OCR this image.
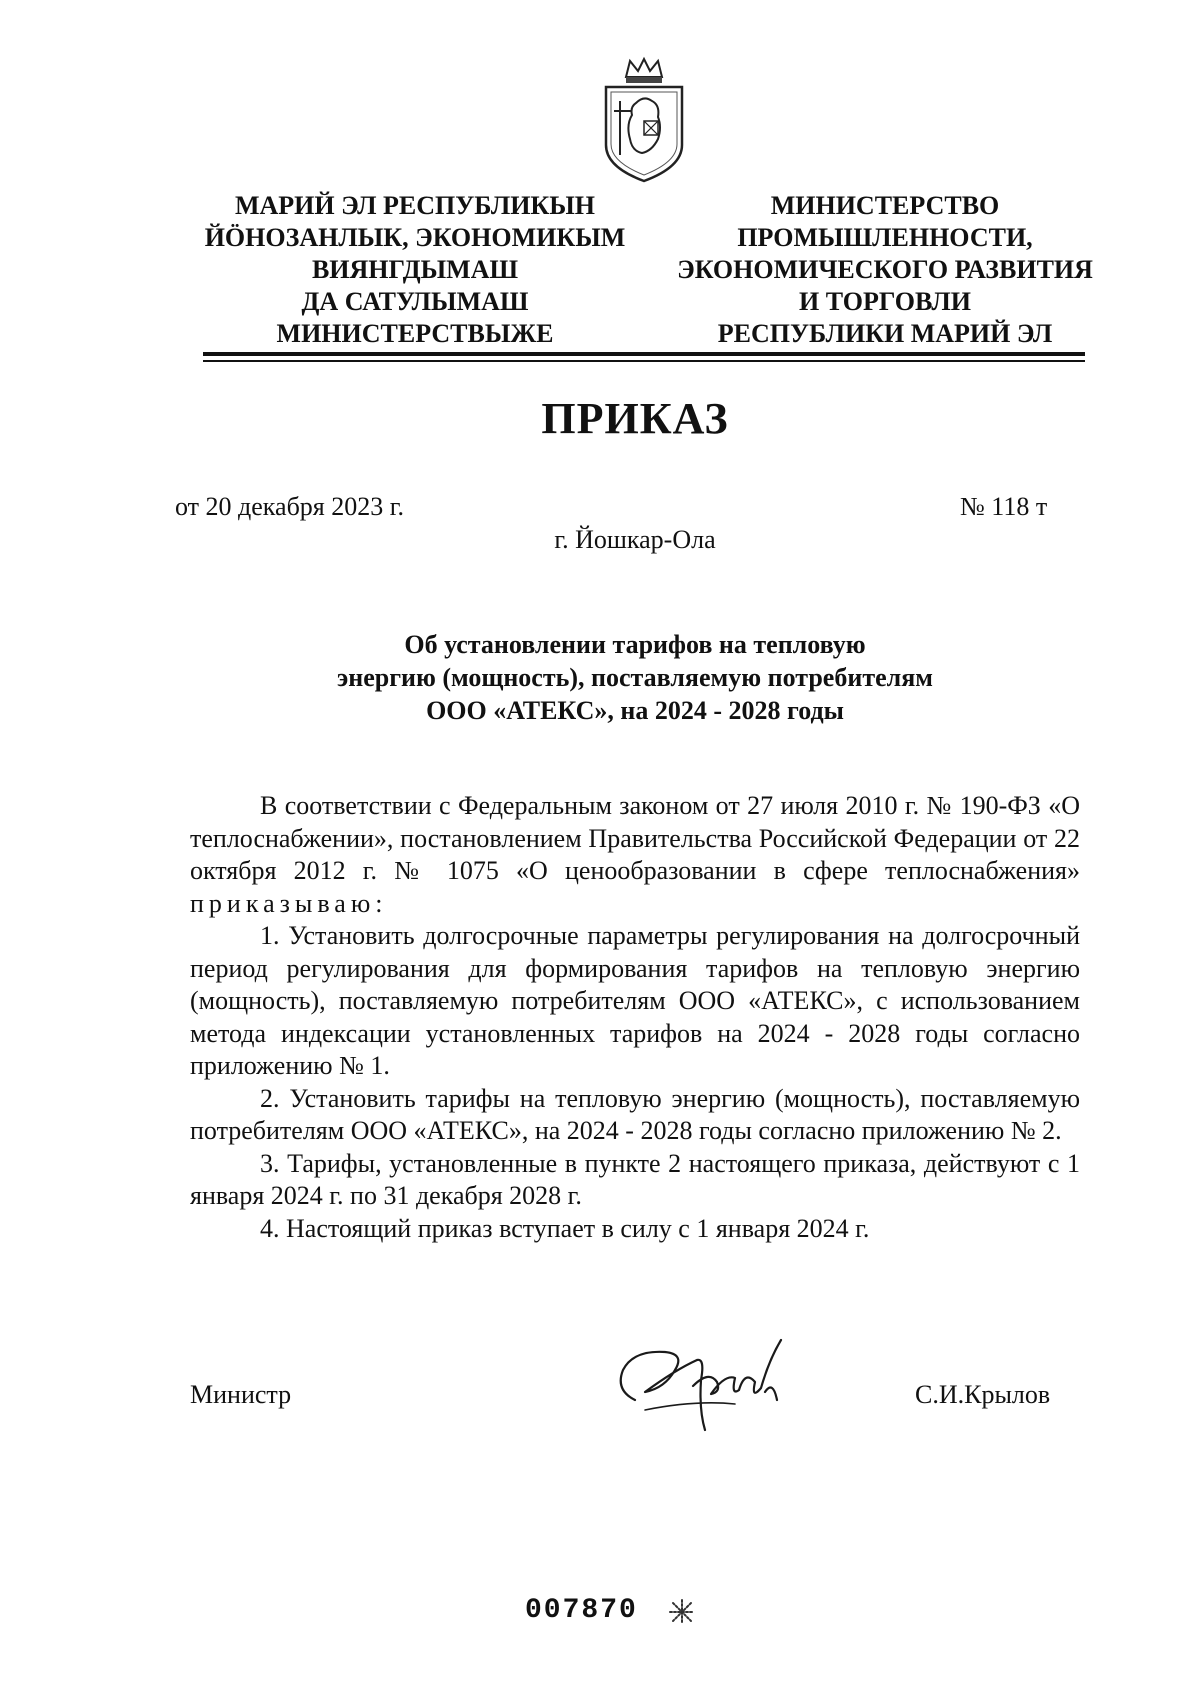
МАРИЙ ЭЛ РЕСПУБЛИКЫН
ЙӦНОЗАНЛЫК, ЭКОНОМИКЫМ
ВИЯНГДЫМАШ
ДА САТУЛЫМАШ
МИНИСТЕРСТВЫЖЕ
МИНИСТЕРСТВО
ПРОМЫШЛЕННОСТИ,
ЭКОНОМИЧЕСКОГО РАЗВИТИЯ
И ТОРГОВЛИ
РЕСПУБЛИКИ МАРИЙ ЭЛ
ПРИКАЗ
от 20 декабря 2023 г.	№ 118 т
г. Йошкар-Ола
Об установлении тарифов на тепловую
энергию (мощность), поставляемую потребителям
ООО «АТЕКС», на 2024 - 2028 годы

В соответствии с Федеральным законом от 27 июля 2010 г. № 190-ФЗ «О теплоснабжении», постановлением Правительства Российской Федерации от 22 октября 2012 г. № 1075 «О ценообразовании в сфере теплоснабжения» приказываю:

1. Установить долгосрочные параметры регулирования на долгосрочный период регулирования для формирования тарифов на тепловую энергию (мощность), поставляемую потребителям ООО «АТЕКС», с использованием метода индексации установленных тарифов на 2024 - 2028 годы согласно приложению № 1.

2. Установить тарифы на тепловую энергию (мощность), поставляемую потребителям ООО «АТЕКС», на 2024 - 2028 годы согласно приложению № 2.

3. Тарифы, установленные в пункте 2 настоящего приказа, действуют с 1 января 2024 г. по 31 декабря 2028 г.

4. Настоящий приказ вступает в силу с 1 января 2024 г.

Министр	С.И.Крылов
007870
